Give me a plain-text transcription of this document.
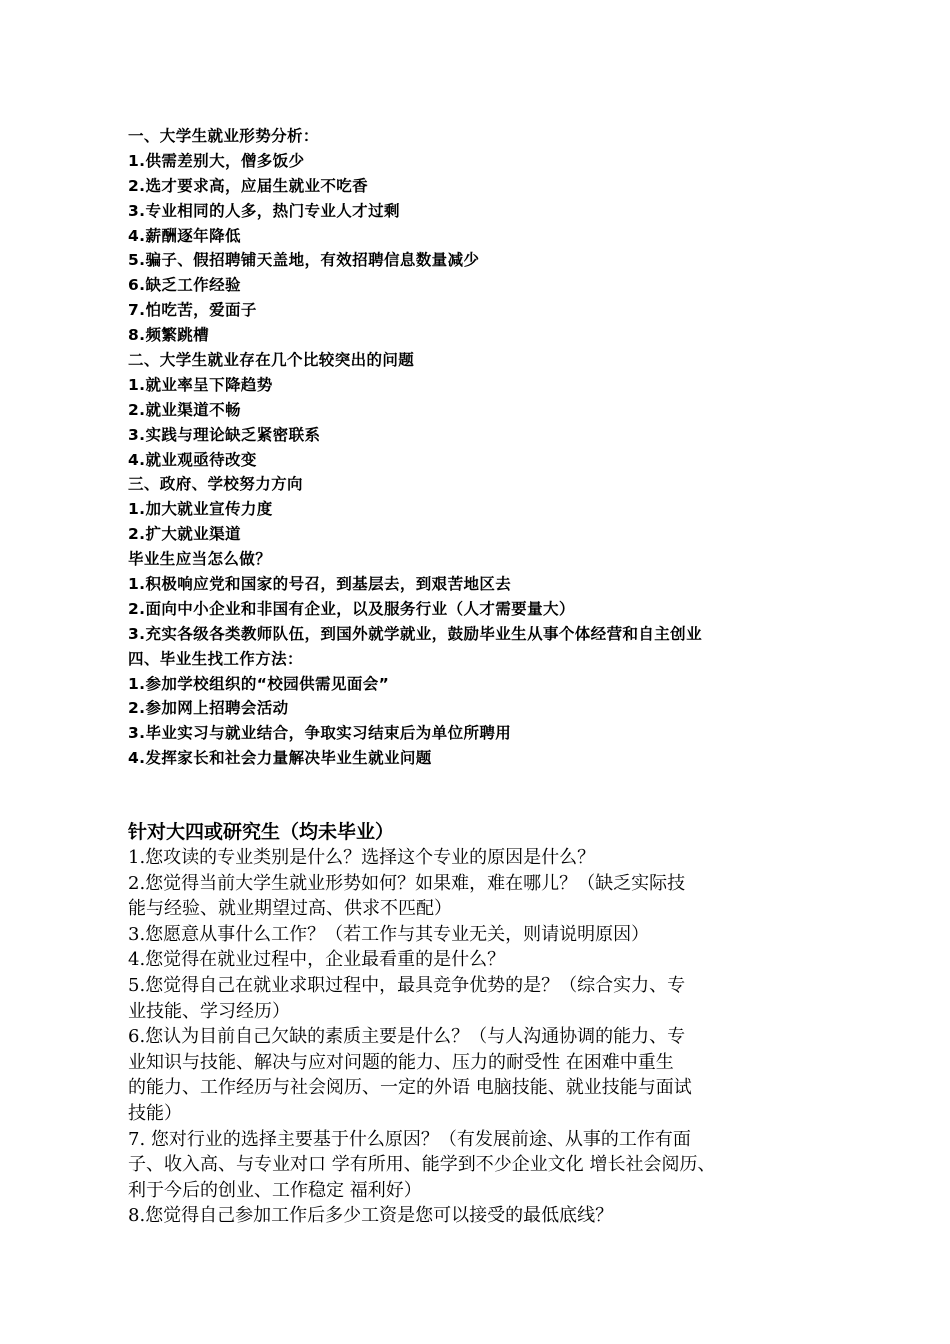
一、大学生就业形势分析：
1.供需差别大，僧多饭少
2.选才要求高，应届生就业不吃香
3.专业相同的人多，热门专业人才过剩
4.薪酬逐年降低
5.骗子、假招聘铺天盖地，有效招聘信息数量减少
6.缺乏工作经验
7.怕吃苦，爱面子
8.频繁跳槽
二、大学生就业存在几个比较突出的问题
1.就业率呈下降趋势
2.就业渠道不畅
3.实践与理论缺乏紧密联系
4.就业观亟待改变
三、政府、学校努力方向
1.加大就业宣传力度
2.扩大就业渠道
毕业生应当怎么做？
1.积极响应党和国家的号召，到基层去，到艰苦地区去
2.面向中小企业和非国有企业，以及服务行业（人才需要量大）
3.充实各级各类教师队伍，到国外就学就业，鼓励毕业生从事个体经营和自主创业
四、毕业生找工作方法：
1.参加学校组织的“校园供需见面会”
2.参加网上招聘会活动
3.毕业实习与就业结合，争取实习结束后为单位所聘用
4.发挥家长和社会力量解决毕业生就业问题
针对大四或研究生（均未毕业）
1.您攻读的专业类别是什么？选择这个专业的原因是什么？
2.您觉得当前大学生就业形势如何？如果难，难在哪儿？（缺乏实际技
能与经验、就业期望过高、供求不匹配）
3.您愿意从事什么工作？（若工作与其专业无关，则请说明原因）
4.您觉得在就业过程中，企业最看重的是什么？
5.您觉得自己在就业求职过程中，最具竞争优势的是？（综合实力、专
业技能、学习经历）
6.您认为目前自己欠缺的素质主要是什么？（与人沟通协调的能力、专
业知识与技能、解决与应对问题的能力、压力的耐受性 在困难中重生
的能力、工作经历与社会阅历、一定的外语 电脑技能、就业技能与面试
技能）
7. 您对行业的选择主要基于什么原因？（有发展前途、从事的工作有面
子、收入高、与专业对口 学有所用、能学到不少企业文化 增长社会阅历、
利于今后的创业、工作稳定 福利好）
8.您觉得自己参加工作后多少工资是您可以接受的最低底线？
